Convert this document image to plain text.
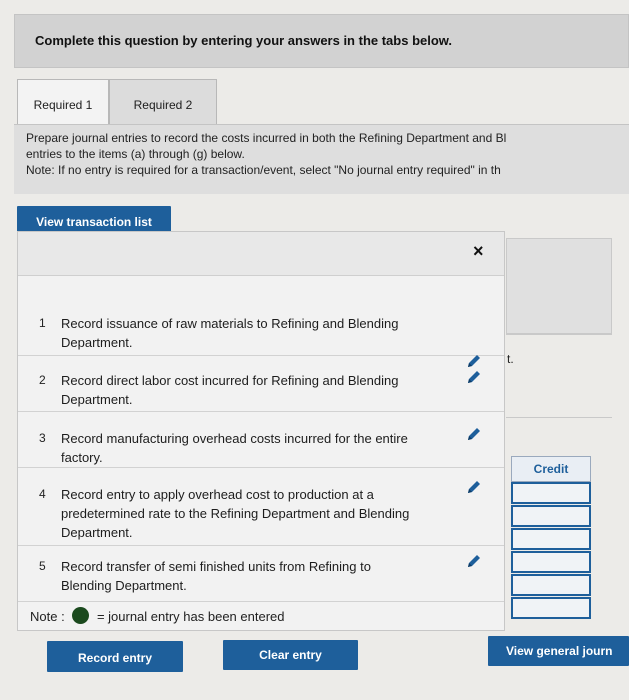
Complete this question by entering your answers in the tabs below.
Required 1	Required 2
Prepare journal entries to record the costs incurred in both the Refining Department and Bl
entries to the items (a) through (g) below.
Note: If no entry is required for a transaction/event, select "No journal entry required" in th
View transaction list
t.
Credit
×
1 Record issuance of raw materials to Refining and Blending Department.
2 Record direct labor cost incurred for Refining and Blending Department.
3 Record manufacturing overhead costs incurred for the entire factory.
4 Record entry to apply overhead cost to production at a predetermined rate to the Refining Department and Blending Department.
5 Record transfer of semi finished units from Refining to Blending Department.
Note : = journal entry has been entered
Record entry	Clear entry	View general journ
